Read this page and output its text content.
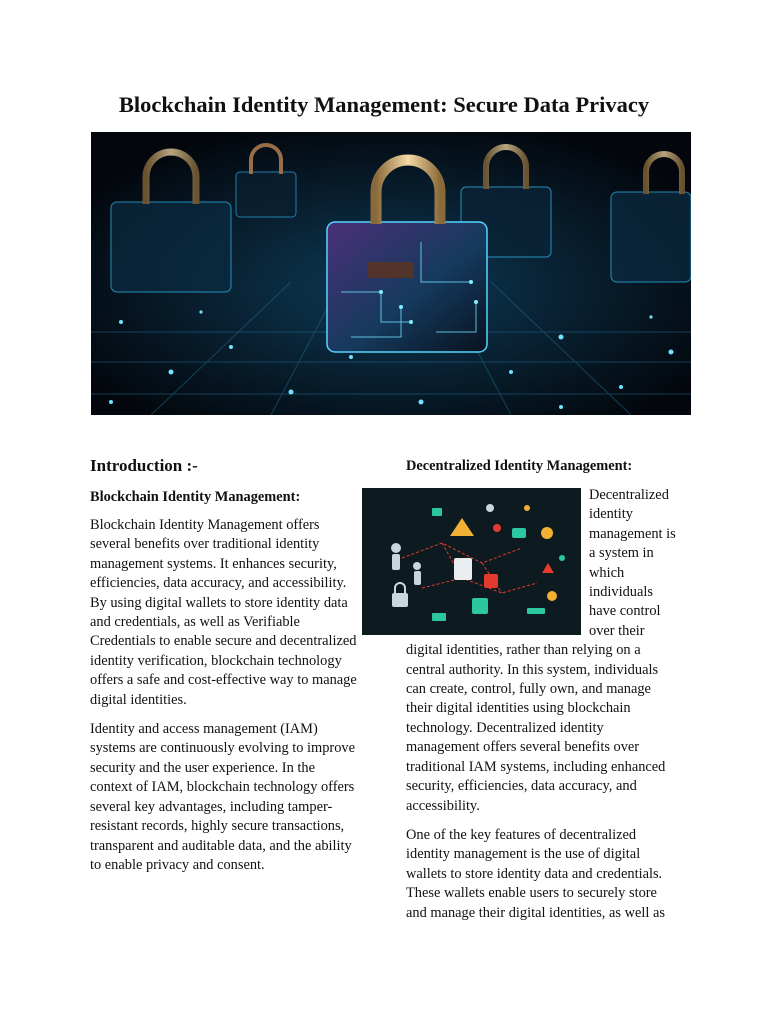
Blockchain Identity Management: Secure Data Privacy
Introduction :-
Blockchain Identity Management:

Blockchain Identity Management offers several benefits over traditional identity management systems. It enhances security, efficiencies, data accuracy, and accessibility. By using digital wallets to store identity data and credentials, as well as Verifiable Credentials to enable secure and decentralized identity verification, blockchain technology offers a safe and cost-effective way to manage digital identities.

Identity and access management (IAM) systems are continuously evolving to improve security and the user experience. In the context of IAM, blockchain technology offers several key advantages, including tamper-resistant records, highly secure transactions, transparent and auditable data, and the ability to enable privacy and consent.

Decentralized Identity Management:

Decentralized identity management is a system in which individuals have control over their digital identities, rather than relying on a central authority. In this system, individuals can create, control, fully own, and manage their digital identities using blockchain technology. Decentralized identity management offers several benefits over traditional IAM systems, including enhanced security, efficiencies, data accuracy, and accessibility.

One of the key features of decentralized identity management is the use of digital wallets to store identity data and credentials. These wallets enable users to securely store and manage their digital identities, as well as
